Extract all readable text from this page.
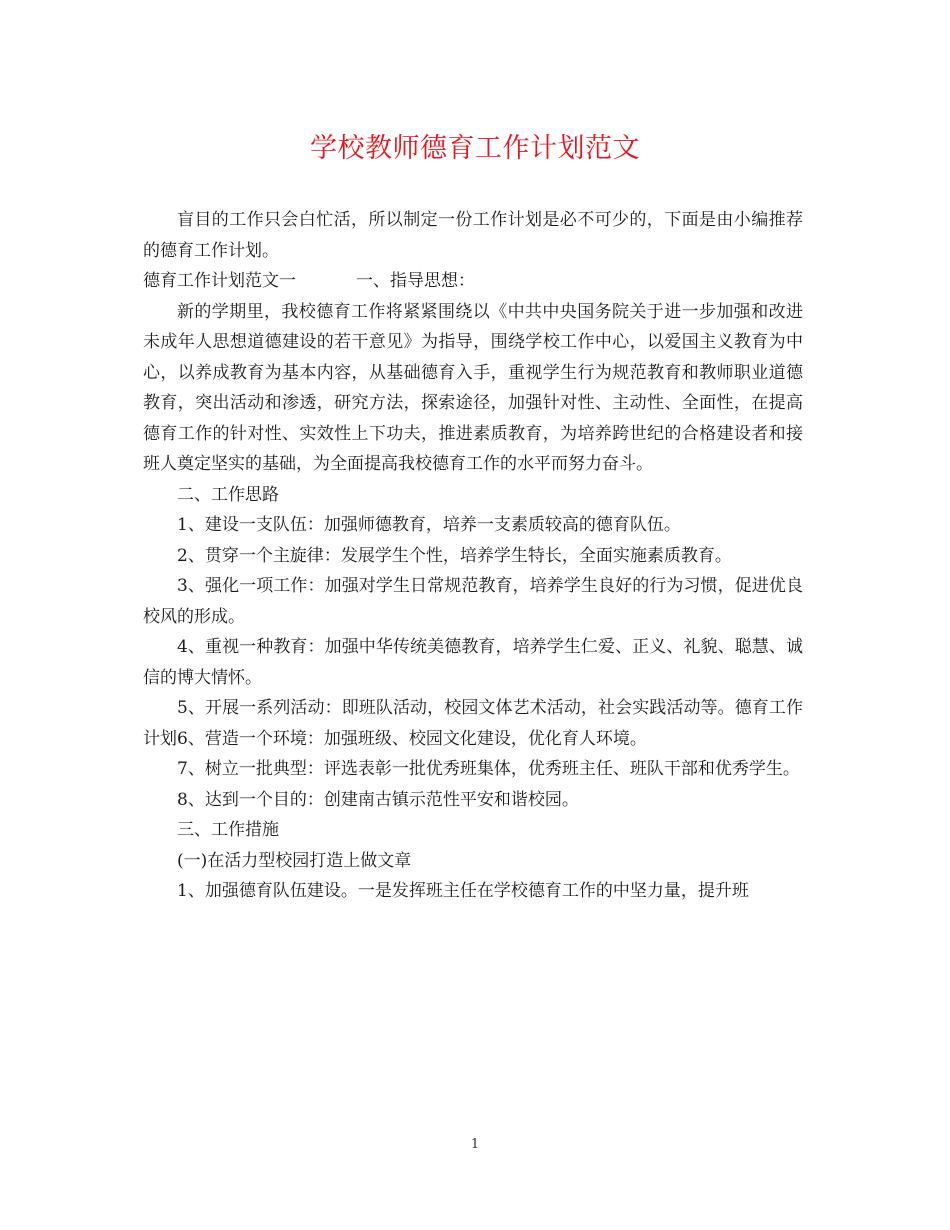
学校教师德育工作计划范文

盲目的工作只会白忙活，所以制定一份工作计划是必不可少的，下面是由小编推荐的德育工作计划。

德育工作计划范文一	一、指导思想：

新的学期里，我校德育工作将紧紧围绕以《中共中央国务院关于进一步加强和改进未成年人思想道德建设的若干意见》为指导，围绕学校工作中心，以爱国主义教育为中心，以养成教育为基本内容，从基础德育入手，重视学生行为规范教育和教师职业道德教育，突出活动和渗透，研究方法，探索途径，加强针对性、主动性、全面性，在提高德育工作的针对性、实效性上下功夫，推进素质教育，为培养跨世纪的合格建设者和接班人奠定坚实的基础，为全面提高我校德育工作的水平而努力奋斗。

二、工作思路

1、建设一支队伍：加强师德教育，培养一支素质较高的德育队伍。

2、贯穿一个主旋律：发展学生个性，培养学生特长，全面实施素质教育。

3、强化一项工作：加强对学生日常规范教育，培养学生良好的行为习惯，促进优良校风的形成。

4、重视一种教育：加强中华传统美德教育，培养学生仁爱、正义、礼貌、聪慧、诚信的博大情怀。

5、开展一系列活动：即班队活动，校园文体艺术活动，社会实践活动等。德育工作计划6、营造一个环境：加强班级、校园文化建设，优化育人环境。

7、树立一批典型：评选表彰一批优秀班集体，优秀班主任、班队干部和优秀学生。

8、达到一个目的：创建南古镇示范性平安和谐校园。

三、工作措施

(一)在活力型校园打造上做文章

1、加强德育队伍建设。一是发挥班主任在学校德育工作的中坚力量，提升班

1
